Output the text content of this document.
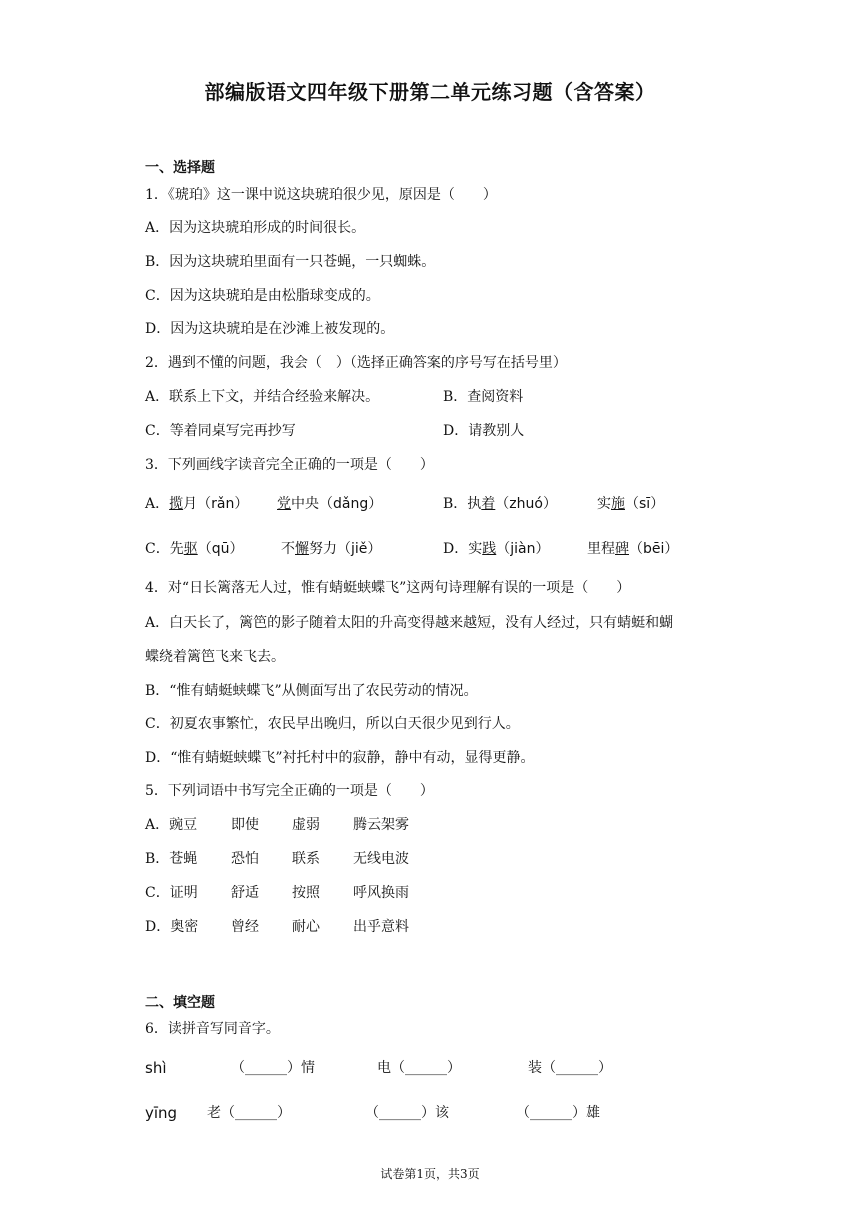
部编版语文四年级下册第二单元练习题（含答案）
一、选择题
1．《琥珀》这一课中说这块琥珀很少见，原因是（　　）
A．因为这块琥珀形成的时间很长。
B．因为这块琥珀里面有一只苍蝇，一只蜘蛛。
C．因为这块琥珀是由松脂球变成的。
D．因为这块琥珀是在沙滩上被发现的。
2．遇到不懂的问题，我会（　）（选择正确答案的序号写在括号里）
A．联系上下文，并结合经验来解决。	B．查阅资料
C．等着同桌写完再抄写	D．请教别人
3．下列画线字读音完全正确的一项是（　　）
A．揽月（rǎn） 党中央（dǎng）	B．执着（zhuó）	实施（sī）
C．先驱（qū）	不懈努力（jiě）	D．实践（jiàn）	里程碑（bēi）
4．对“日长篱落无人过，惟有蜻蜓蛱蝶飞”这两句诗理解有误的一项是（　　）
A．白天长了，篱笆的影子随着太阳的升高变得越来越短，没有人经过，只有蜻蜓和蝴
蝶绕着篱笆飞来飞去。
B．“惟有蜻蜓蛱蝶飞”从侧面写出了农民劳动的情况。
C．初夏农事繁忙，农民早出晚归，所以白天很少见到行人。
D．“惟有蜻蜓蛱蝶飞”衬托村中的寂静，静中有动，显得更静。
5．下列词语中书写完全正确的一项是（　　）
A．豌豆 即使 虚弱 腾云架雾
B．苍蝇 恐怕 联系 无线电波
C．证明 舒适 按照 呼风换雨
D．奥密 曾经 耐心 出乎意料
二、填空题
6．读拼音写同音字。
shì	（______）情	电（______）	装（______）
yīng 老（______）	（______）该	（______）雄
试卷第1页，共3页
